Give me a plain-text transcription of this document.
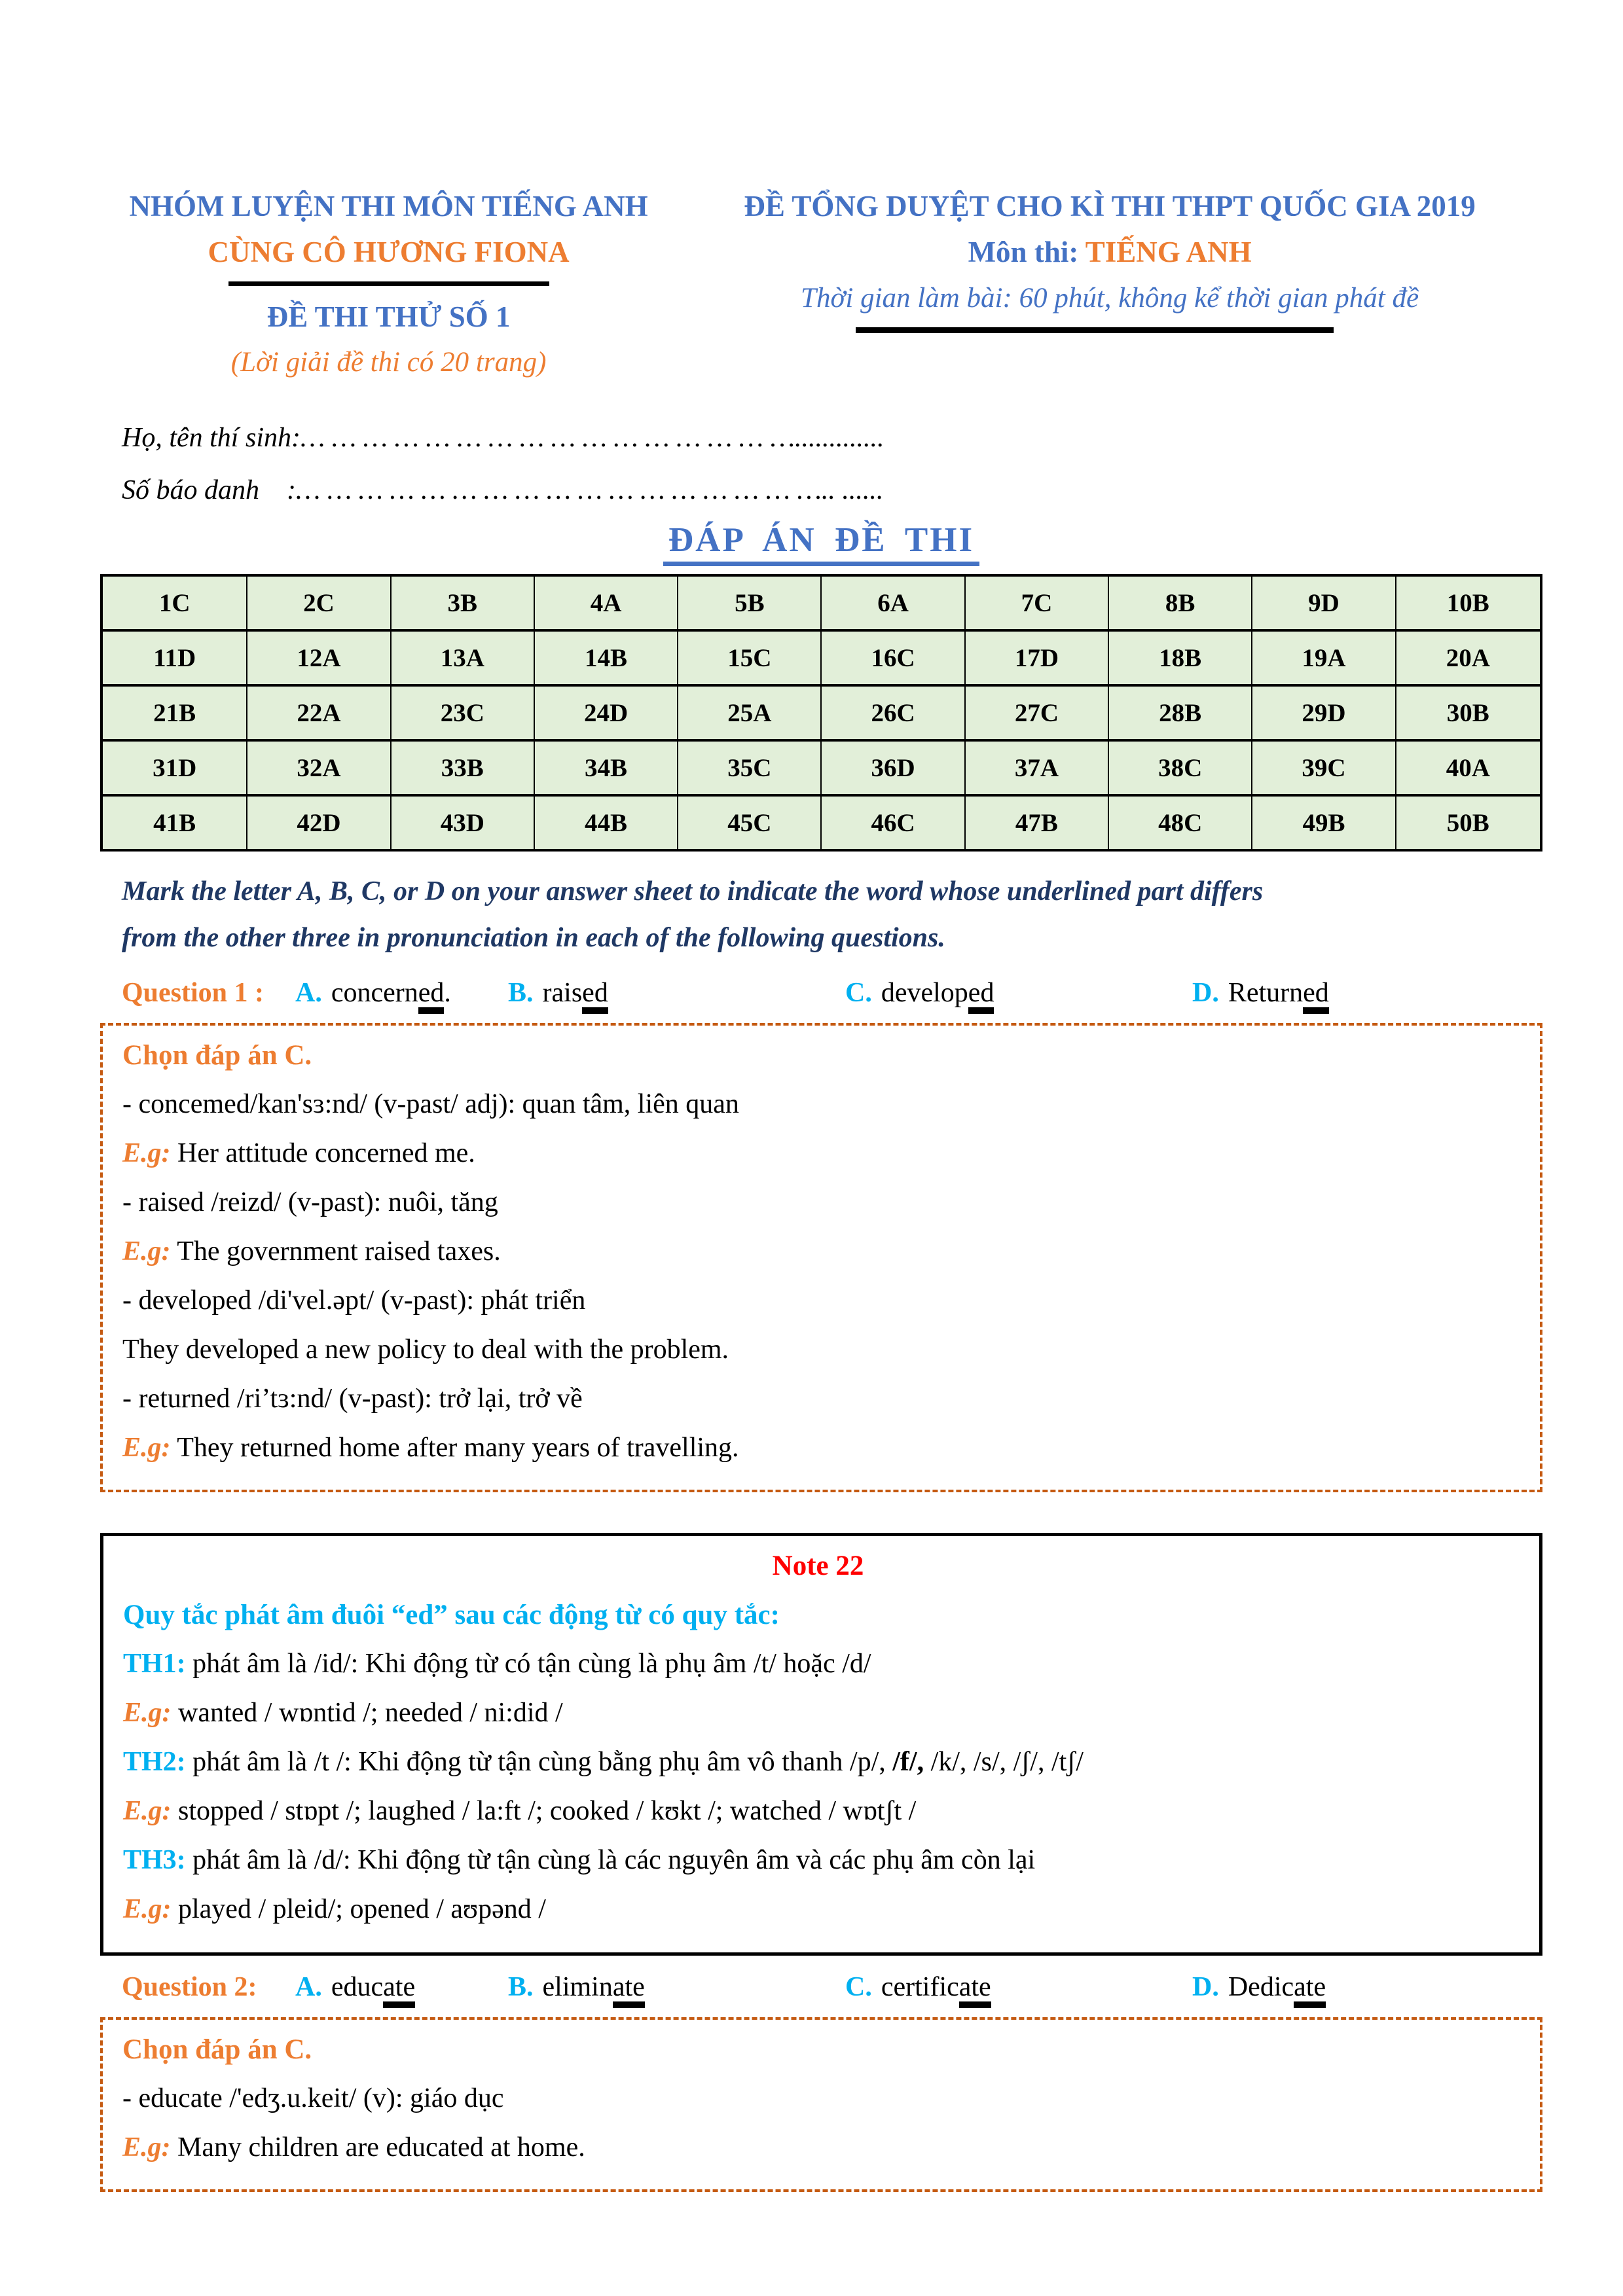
NHÓM LUYỆN THI MÔN TIẾNG ANH
CÙNG CÔ HƯƠNG FIONA
ĐỀ THI THỬ SỐ 1
(Lời giải đề thi có 20 trang)
ĐỀ TỔNG DUYỆT CHO KÌ THI THPT QUỐC GIA 2019
Môn thi: TIẾNG ANH
Thời gian làm bài: 60 phút, không kể thời gian phát đề
Họ, tên thí sinh:… … … … … … … … … … … … … … … ….............
Số báo danh    :… … … … … … … … … … … … … … … … ….. ......
ĐÁP ÁN ĐỀ THI
1C	2C	3B	4A	5B	6A	7C	8B	9D	10B
11D	12A	13A	14B	15C	16C	17D	18B	19A	20A
21B	22A	23C	24D	25A	26C	27C	28B	29D	30B
31D	32A	33B	34B	35C	36D	37A	38C	39C	40A
41B	42D	43D	44B	45C	46C	47B	48C	49B	50B
Mark the letter A, B, C, or D on your answer sheet to indicate the word whose underlined part differs
from the other three in pronunciation in each of the following questions.
Question 1 : A. concerned.	B. raised	C. developed	D. Returned
Chọn đáp án C.

- concemed/kan'sɜ:nd/ (v-past/ adj): quan tâm, liên quan

E.g: Her attitude concerned me.

- raised /reizd/ (v-past): nuôi, tăng

E.g: The government raised taxes.

- developed /di'vel.əpt/ (v-past): phát triển

They developed a new policy to deal with the problem.

- returned /ri’tɜ:nd/ (v-past): trở lại, trở về

E.g: They returned home after many years of travelling.

Note 22
Quy tắc phát âm đuôi “ed” sau các động từ có quy tắc:

TH1: phát âm là /id/: Khi động từ có tận cùng là phụ âm /t/ hoặc /d/

E.g: wanted / wɒntid /; needed / ni:did /

TH2: phát âm là /t /: Khi động từ tận cùng bằng phụ âm vô thanh /p/, /f/, /k/, /s/, /ʃ/, /tʃ/

E.g: stopped / stɒpt /; laughed / la:ft /; cooked / kʊkt /; watched / wɒtʃt /

TH3: phát âm là /d/: Khi động từ tận cùng là các nguyên âm và các phụ âm còn lại

E.g: played / pleid/; opened / aʊpənd /

Question 2:	A. educate	B. eliminate	C. certificate	D. Dedicate
Chọn đáp án C.

- educate /'edʒ.u.keit/ (v): giáo dục

E.g: Many children are educated at home.
